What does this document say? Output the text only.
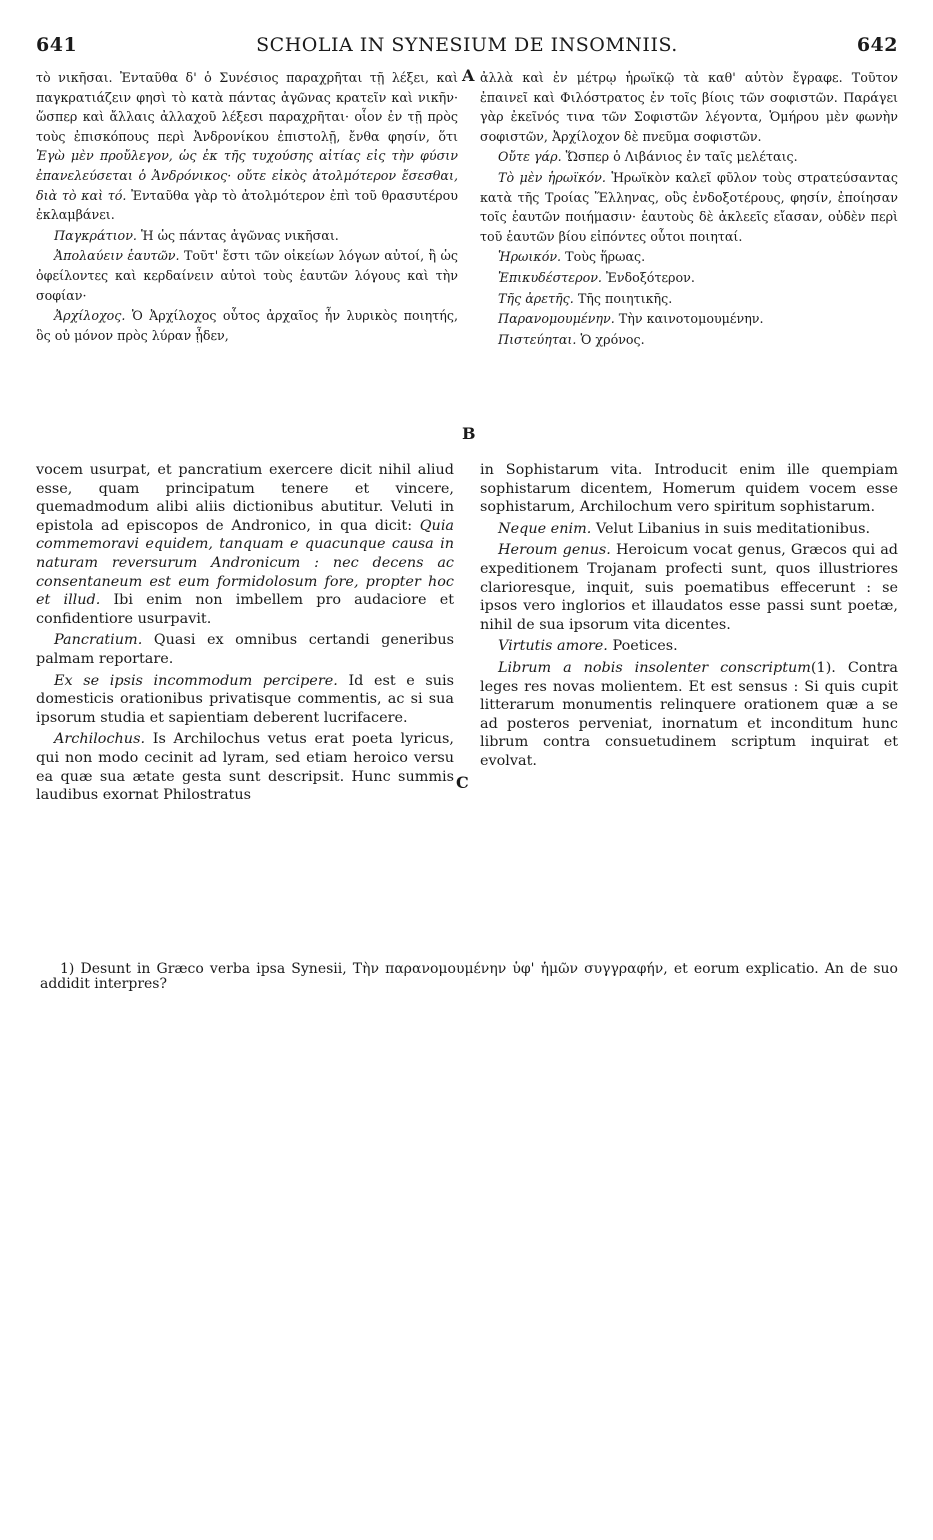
641	SCHOLIA IN SYNESIUM DE INSOMNIIS.	642
A
B
C

τὸ νικῆσαι. Ἐνταῦθα δ' ὁ Συνέσιος παραχρῆται τῇ λέξει, καὶ παγκρατιάζειν φησὶ τὸ κατὰ πάντας ἀγῶνας κρατεῖν καὶ νικῆν· ὥσπερ καὶ ἄλλαις ἀλλαχοῦ λέξεσι παραχρῆται· οἷον ἐν τῇ πρὸς τοὺς ἐπισκόπους περὶ Ἀνδρονίκου ἐπιστολῇ, ἔνθα φησίν, ὅτι Ἐγὼ μὲν προὔλεγον, ὡς ἐκ τῆς τυχούσης αἰτίας εἰς τὴν φύσιν ἐπανελεύσεται ὁ Ἀνδρόνικος· οὔτε εἰκὸς ἀτολμότερον ἔσεσθαι, διὰ τὸ καὶ τό. Ἐνταῦθα γὰρ τὸ ἀτολμότερον ἐπὶ τοῦ θρασυτέρου ἐκλαμβάνει.

Παγκράτιον. Ἡ ὡς πάντας ἀγῶνας νικῆσαι.

Ἀπολαύειν ἑαυτῶν. Τοῦτ' ἔστι τῶν οἰκείων λόγων αὐτοί, ἢ ὡς ὀφείλοντες καὶ κερδαίνειν αὐτοὶ τοὺς ἑαυτῶν λόγους καὶ τὴν σοφίαν·

Ἀρχίλοχος. Ὁ Ἀρχίλοχος οὗτος ἀρχαῖος ἦν λυρικὸς ποιητής, ὃς οὐ μόνον πρὸς λύραν ᾖδεν,

ἀλλὰ καὶ ἐν μέτρῳ ἡρωϊκῷ τὰ καθ' αὑτὸν ἔγραφε. Τοῦτον ἐπαινεῖ καὶ Φιλόστρατος ἐν τοῖς βίοις τῶν σοφιστῶν. Παράγει γὰρ ἐκεῖνός τινα τῶν Σοφιστῶν λέγοντα, Ὁμήρου μὲν φωνὴν σοφιστῶν, Ἀρχίλοχον δὲ πνεῦμα σοφιστῶν.

Οὔτε γάρ. Ὥσπερ ὁ Λιβάνιος ἐν ταῖς μελέταις.

Τὸ μὲν ἡρωϊκόν. Ἡρωϊκὸν καλεῖ φῦλον τοὺς στρατεύσαντας κατὰ τῆς Τροίας Ἕλληνας, οὓς ἐνδοξοτέρους, φησίν, ἐποίησαν τοῖς ἑαυτῶν ποιήμασιν· ἑαυτοὺς δὲ ἀκλεεῖς εἴασαν, οὐδὲν περὶ τοῦ ἑαυτῶν βίου εἰπόντες οὗτοι ποιηταί.

Ἡρωικόν. Τοὺς ἥρωας.

Ἐπικυδέστερον. Ἐνδοξότερον.

Τῆς ἀρετῆς. Τῆς ποιητικῆς.

Παρανομουμένην. Τὴν καινοτομουμένην.

Πιστεύηται. Ὁ χρόνος.

vocem usurpat, et pancratium exercere dicit nihil aliud esse, quam principatum tenere et vincere, quemadmodum alibi aliis dictionibus abutitur. Veluti in epistola ad episcopos de Andronico, in qua dicit: Quia commemoravi equidem, tanquam e quacunque causa in naturam reversurum Andronicum : nec decens ac consentaneum est eum formidolosum fore, propter hoc et illud. Ibi enim non imbellem pro audaciore et confidentiore usurpavit.

Pancratium. Quasi ex omnibus certandi generibus palmam reportare.

Ex se ipsis incommodum percipere. Id est e suis domesticis orationibus privatisque commentis, ac si sua ipsorum studia et sapientiam deberent lucrifacere.

Archilochus. Is Archilochus vetus erat poeta lyricus, qui non modo cecinit ad lyram, sed etiam heroico versu ea quæ sua ætate gesta sunt descripsit. Hunc summis laudibus exornat Philostratus

in Sophistarum vita. Introducit enim ille quempiam sophistarum dicentem, Homerum quidem vocem esse sophistarum, Archilochum vero spiritum sophistarum.

Neque enim. Velut Libanius in suis meditationibus.

Heroum genus. Heroicum vocat genus, Græcos qui ad expeditionem Trojanam profecti sunt, quos illustriores clarioresque, inquit, suis poematibus effecerunt : se ipsos vero inglorios et illaudatos esse passi sunt poetæ, nihil de sua ipsorum vita dicentes.

Virtutis amore. Poetices.

Librum a nobis insolenter conscriptum(1). Contra leges res novas molientem. Et est sensus : Si quis cupit litterarum monumentis relinquere orationem quæ a se ad posteros perveniat, inornatum et inconditum hunc librum contra consuetudinem scriptum inquirat et evolvat.

1) Desunt in Græco verba ipsa Synesii, Τὴν παρανομουμένην ὑφ' ἡμῶν συγγραφήν, et eorum explicatio. An de suo addidit interpres?
